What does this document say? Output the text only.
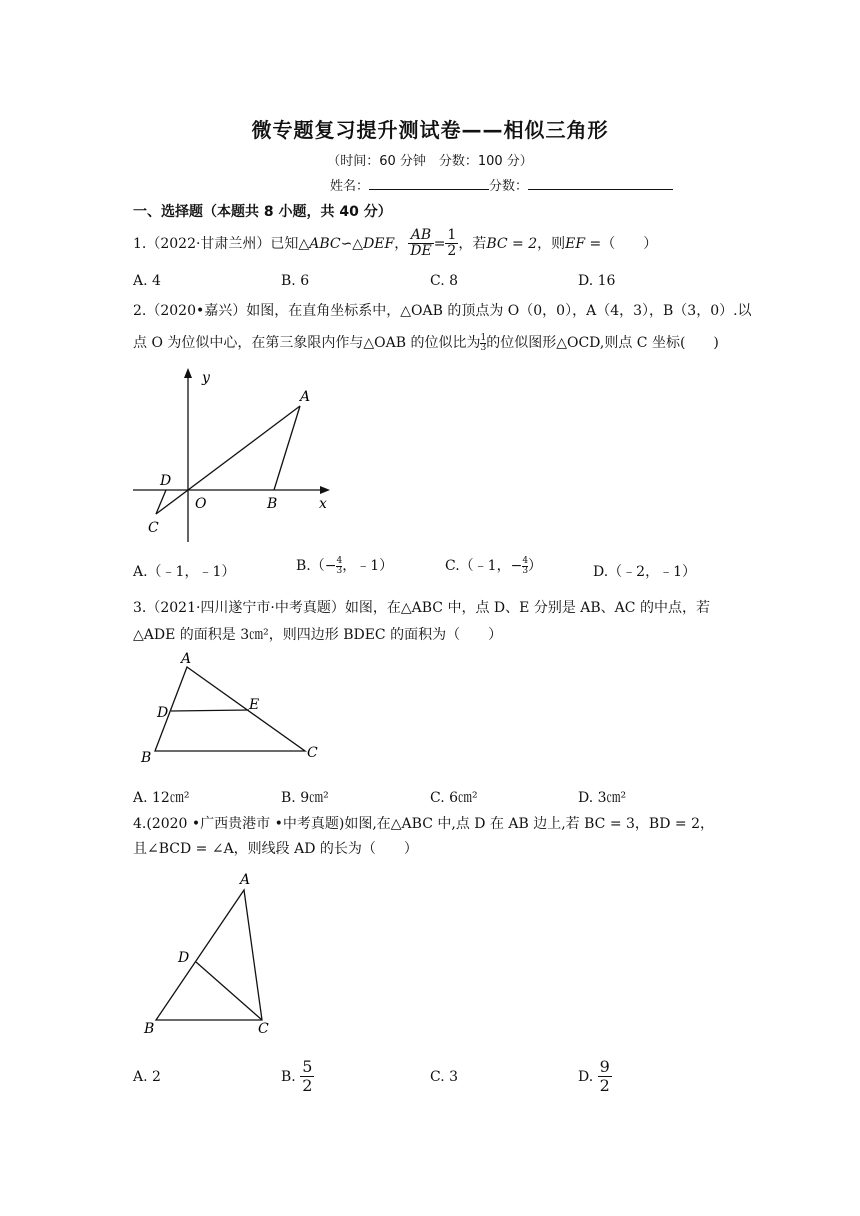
微专题复习提升测试卷——相似三角形
（时间：60 分钟　分数：100 分）
姓名：	分数：
一、选择题（本题共 8 小题，共 40 分）
1.（2022·甘肃兰州）已知△ABC∽△DEF， $\frac{AB}{DE} = \frac{1}{2}$ ，若BC = 2，则EF =（　　）
A. 4	B. 6	C. 8	D. 16
2.（2020•嘉兴）如图，在直角坐标系中，△OAB 的顶点为 O（0，0），A（4，3），B（3，0）.以
点 O 为位似中心，在第三象限内作与△OAB 的位似比为 $\frac{1}{3}$的位似图形△OCD,则点 C 坐标(　　)
y
x
A
B
O
D
C
A.（﹣1，﹣1）	$B.(- \frac{4}{3}$，﹣1）	C.（﹣1，− $\frac{4}{3}$）	D.（﹣2，﹣1）
3.（2021·四川遂宁市·中考真题）如图，在△ABC 中，点 D、E 分别是 AB、AC 的中点，若
△ADE 的面积是 3㎝²，则四边形 BDEC 的面积为（　　）
A
D	E
B	C
A. 12㎝²	B. 9㎝²	C. 6㎝²	D. 3㎝²
4.(2020 •广西贵港市 •中考真题)如图,在△ABC 中,点 D 在 AB 边上,若 BC = 3，BD = 2，
且∠BCD = ∠A，则线段 AD 的长为（　　）
A
D
B	C
A. 2	B. $\frac{5}{2}$	C. 3	D. $\frac{9}{2}$
